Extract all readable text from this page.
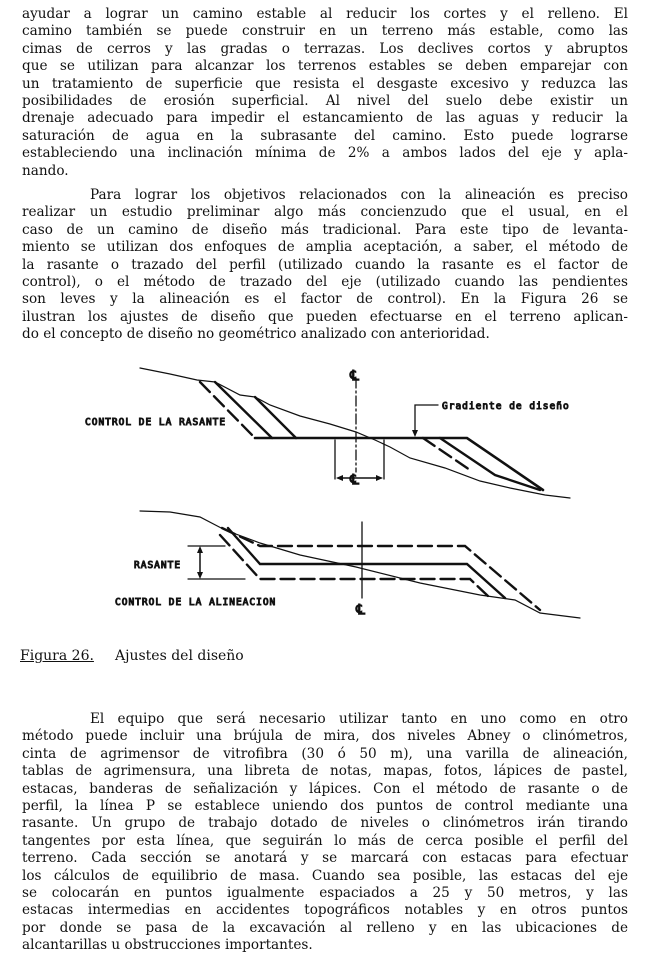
ayudar a lograr un camino estable al reducir los cortes y el relleno. El
camino también se puede construir en un terreno más estable, como las
cimas de cerros y las gradas o terrazas. Los declives cortos y abruptos
que se utilizan para alcanzar los terrenos estables se deben emparejar con
un tratamiento de superficie que resista el desgaste excesivo y reduzca las
posibilidades de erosión superficial. Al nivel del suelo debe existir un
drenaje adecuado para impedir el estancamiento de las aguas y reducir la
saturación de agua en la subrasante del camino. Esto puede lograrse
estableciendo una inclinación mínima de 2% a ambos lados del eje y apla-
nando.
Para lograr los objetivos relacionados con la alineación es preciso
realizar un estudio preliminar algo más concienzudo que el usual, en el
caso de un camino de diseño más tradicional. Para este tipo de levanta-
miento se utilizan dos enfoques de amplia aceptación, a saber, el método de
la rasante o trazado del perfil (utilizado cuando la rasante es el factor de
control), o el método de trazado del eje (utilizado cuando las pendientes
son leves y la alineación es el factor de control). En la Figura 26 se
ilustran los ajustes de diseño que pueden efectuarse en el terreno aplican-
do el concepto de diseño no geométrico analizado con anterioridad.
El equipo que será necesario utilizar tanto en uno como en otro
método puede incluir una brújula de mira, dos niveles Abney o clinómetros,
cinta de agrimensor de vitrofibra (30 ó 50 m), una varilla de alineación,
tablas de agrimensura, una libreta de notas, mapas, fotos, lápices de pastel,
estacas, banderas de señalización y lápices. Con el método de rasante o de
perfil, la línea P se establece uniendo dos puntos de control mediante una
rasante. Un grupo de trabajo dotado de niveles o clinómetros irán tirando
tangentes por esta línea, que seguirán lo más de cerca posible el perfil del
terreno. Cada sección se anotará y se marcará con estacas para efectuar
los cálculos de equilibrio de masa. Cuando sea posible, las estacas del eje
se colocarán en puntos igualmente espaciados a 25 y 50 metros, y las
estacas intermedias en accidentes topográficos notables y en otros puntos
por donde se pasa de la excavación al relleno y en las ubicaciones de
alcantarillas u obstrucciones importantes.
CONTROL DE LA RASANTE
Gradiente de diseño
℄
℄
RASANTE
CONTROL DE LA ALINEACION	℄
Figura 26. Ajustes del diseño
